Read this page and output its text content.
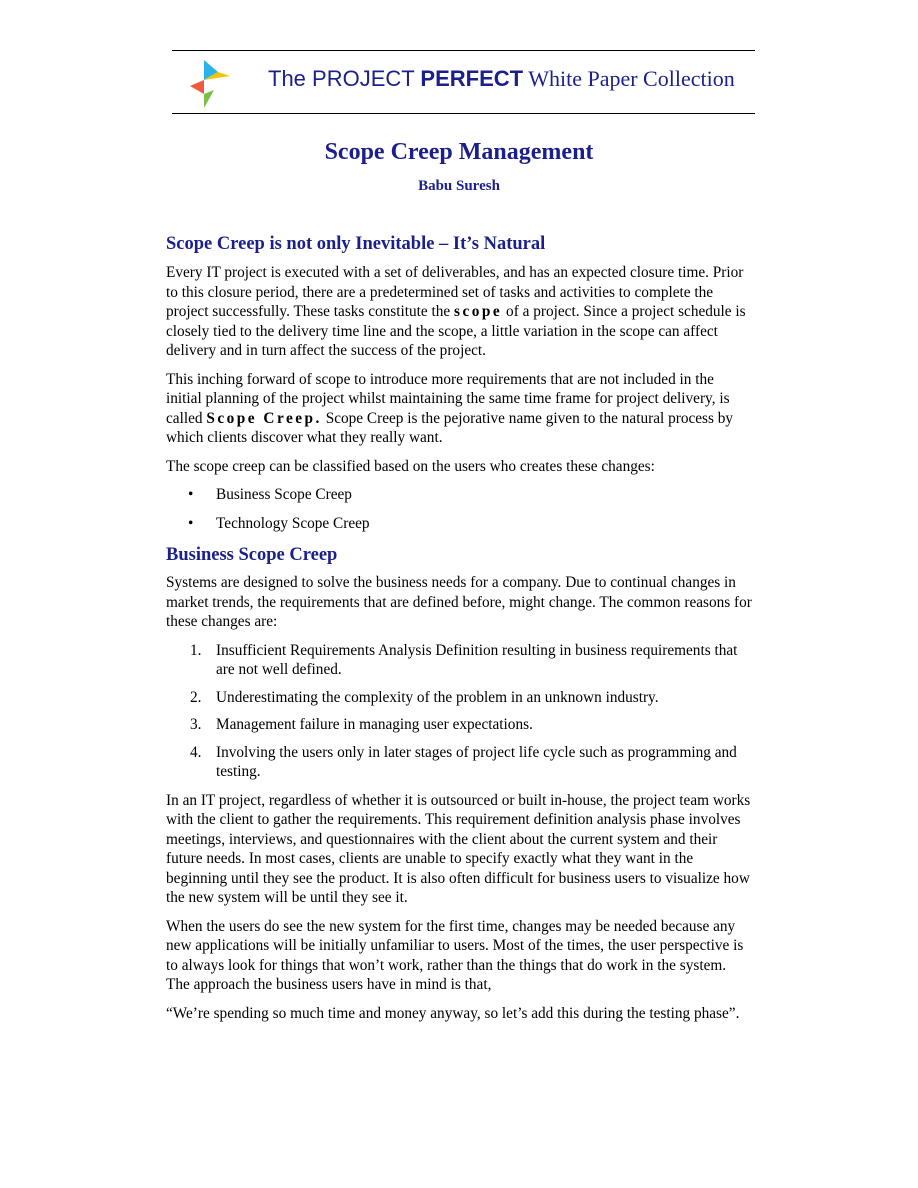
The PROJECT PERFECT White Paper Collection
Scope Creep Management
Babu Suresh
Scope Creep is not only Inevitable – It’s Natural

Every IT project is executed with a set of deliverables, and has an expected closure time. Prior to this closure period, there are a predetermined set of tasks and activities to complete the project successfully. These tasks constitute the scope of a project. Since a project schedule is closely tied to the delivery time line and the scope, a little variation in the scope can affect delivery and in turn affect the success of the project.

This inching forward of scope to introduce more requirements that are not included in the initial planning of the project whilst maintaining the same time frame for project delivery, is called Scope Creep. Scope Creep is the pejorative name given to the natural process by which clients discover what they really want.

The scope creep can be classified based on the users who creates these changes:

• Business Scope Creep
• Technology Scope Creep
Business Scope Creep

Systems are designed to solve the business needs for a company. Due to continual changes in market trends, the requirements that are defined before, might change. The common reasons for these changes are:

1. Insufficient Requirements Analysis Definition resulting in business requirements that are not well defined.
2. Underestimating the complexity of the problem in an unknown industry.
3. Management failure in managing user expectations.
4. Involving the users only in later stages of project life cycle such as programming and testing.

In an IT project, regardless of whether it is outsourced or built in-house, the project team works with the client to gather the requirements. This requirement definition analysis phase involves meetings, interviews, and questionnaires with the client about the current system and their future needs. In most cases, clients are unable to specify exactly what they want in the beginning until they see the product. It is also often difficult for business users to visualize how the new system will be until they see it.

When the users do see the new system for the first time, changes may be needed because any new applications will be initially unfamiliar to users. Most of the times, the user perspective is to always look for things that won’t work, rather than the things that do work in the system. The approach the business users have in mind is that,

“We’re spending so much time and money anyway, so let’s add this during the testing phase”.
